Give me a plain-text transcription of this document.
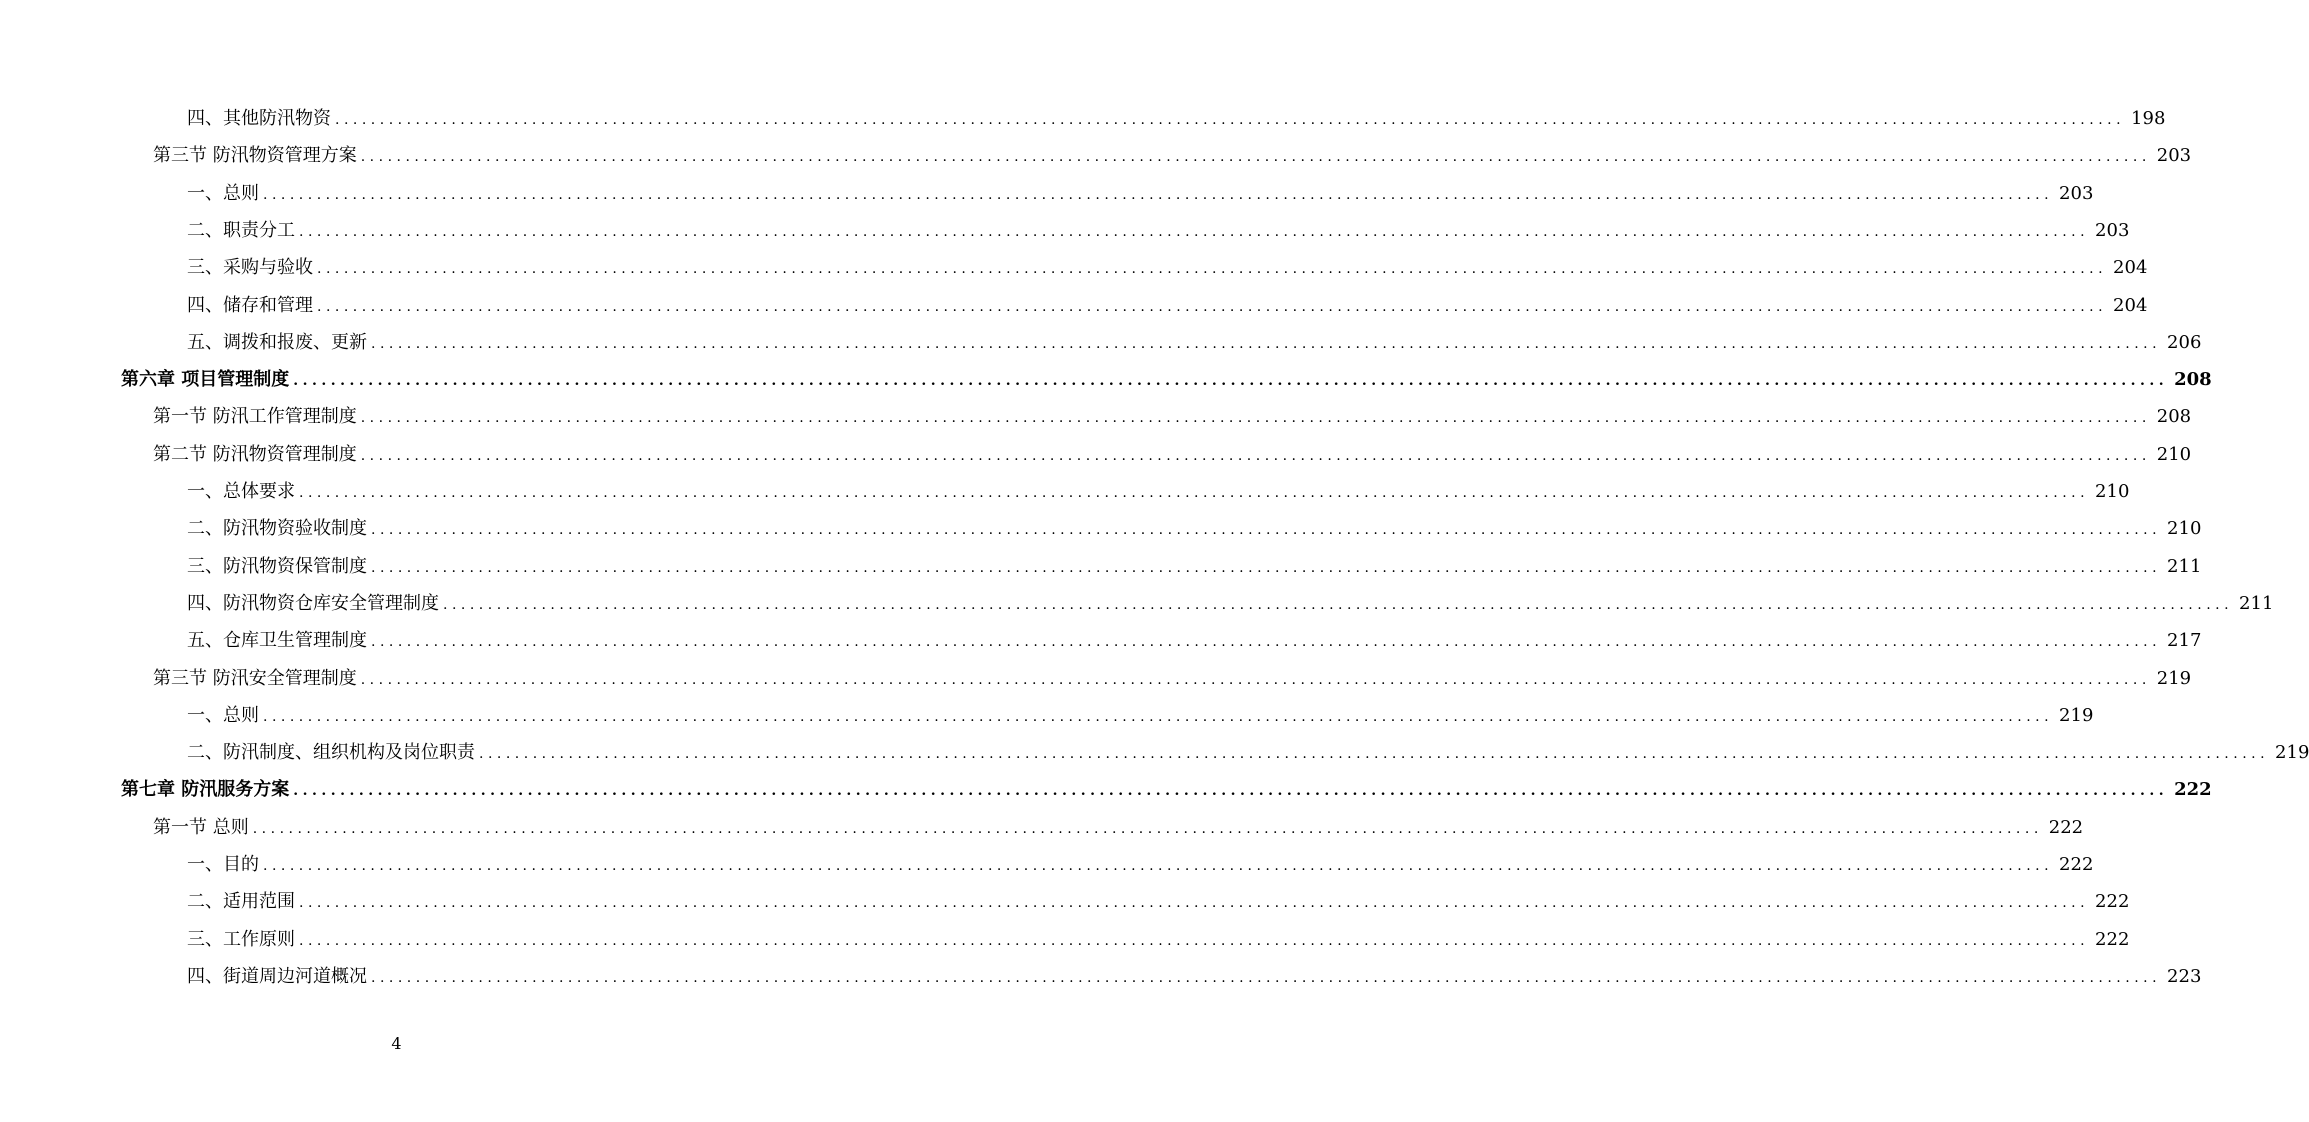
四、其他防汛物资 ........................................................................................................................................................................................................ 198
第三节 防汛物资管理方案 ........................................................................................................................................................................................................ 203
一、总则 ........................................................................................................................................................................................................ 203
二、职责分工 ........................................................................................................................................................................................................ 203
三、采购与验收 ........................................................................................................................................................................................................ 204
四、储存和管理 ........................................................................................................................................................................................................ 204
五、调拨和报废、更新 ........................................................................................................................................................................................................ 206
第六章 项目管理制度 ........................................................................................................................................................................................................ 208
第一节 防汛工作管理制度 ........................................................................................................................................................................................................ 208
第二节 防汛物资管理制度 ........................................................................................................................................................................................................ 210
一、总体要求 ........................................................................................................................................................................................................ 210
二、防汛物资验收制度 ........................................................................................................................................................................................................ 210
三、防汛物资保管制度 ........................................................................................................................................................................................................ 211
四、防汛物资仓库安全管理制度 ........................................................................................................................................................................................................ 211
五、仓库卫生管理制度 ........................................................................................................................................................................................................ 217
第三节 防汛安全管理制度 ........................................................................................................................................................................................................ 219
一、总则 ........................................................................................................................................................................................................ 219
二、防汛制度、组织机构及岗位职责 ........................................................................................................................................................................................................ 219
第七章 防汛服务方案 ........................................................................................................................................................................................................ 222
第一节 总则 ........................................................................................................................................................................................................ 222
一、目的 ........................................................................................................................................................................................................ 222
二、适用范围 ........................................................................................................................................................................................................ 222
三、工作原则 ........................................................................................................................................................................................................ 222
四、街道周边河道概况 ........................................................................................................................................................................................................ 223
4
